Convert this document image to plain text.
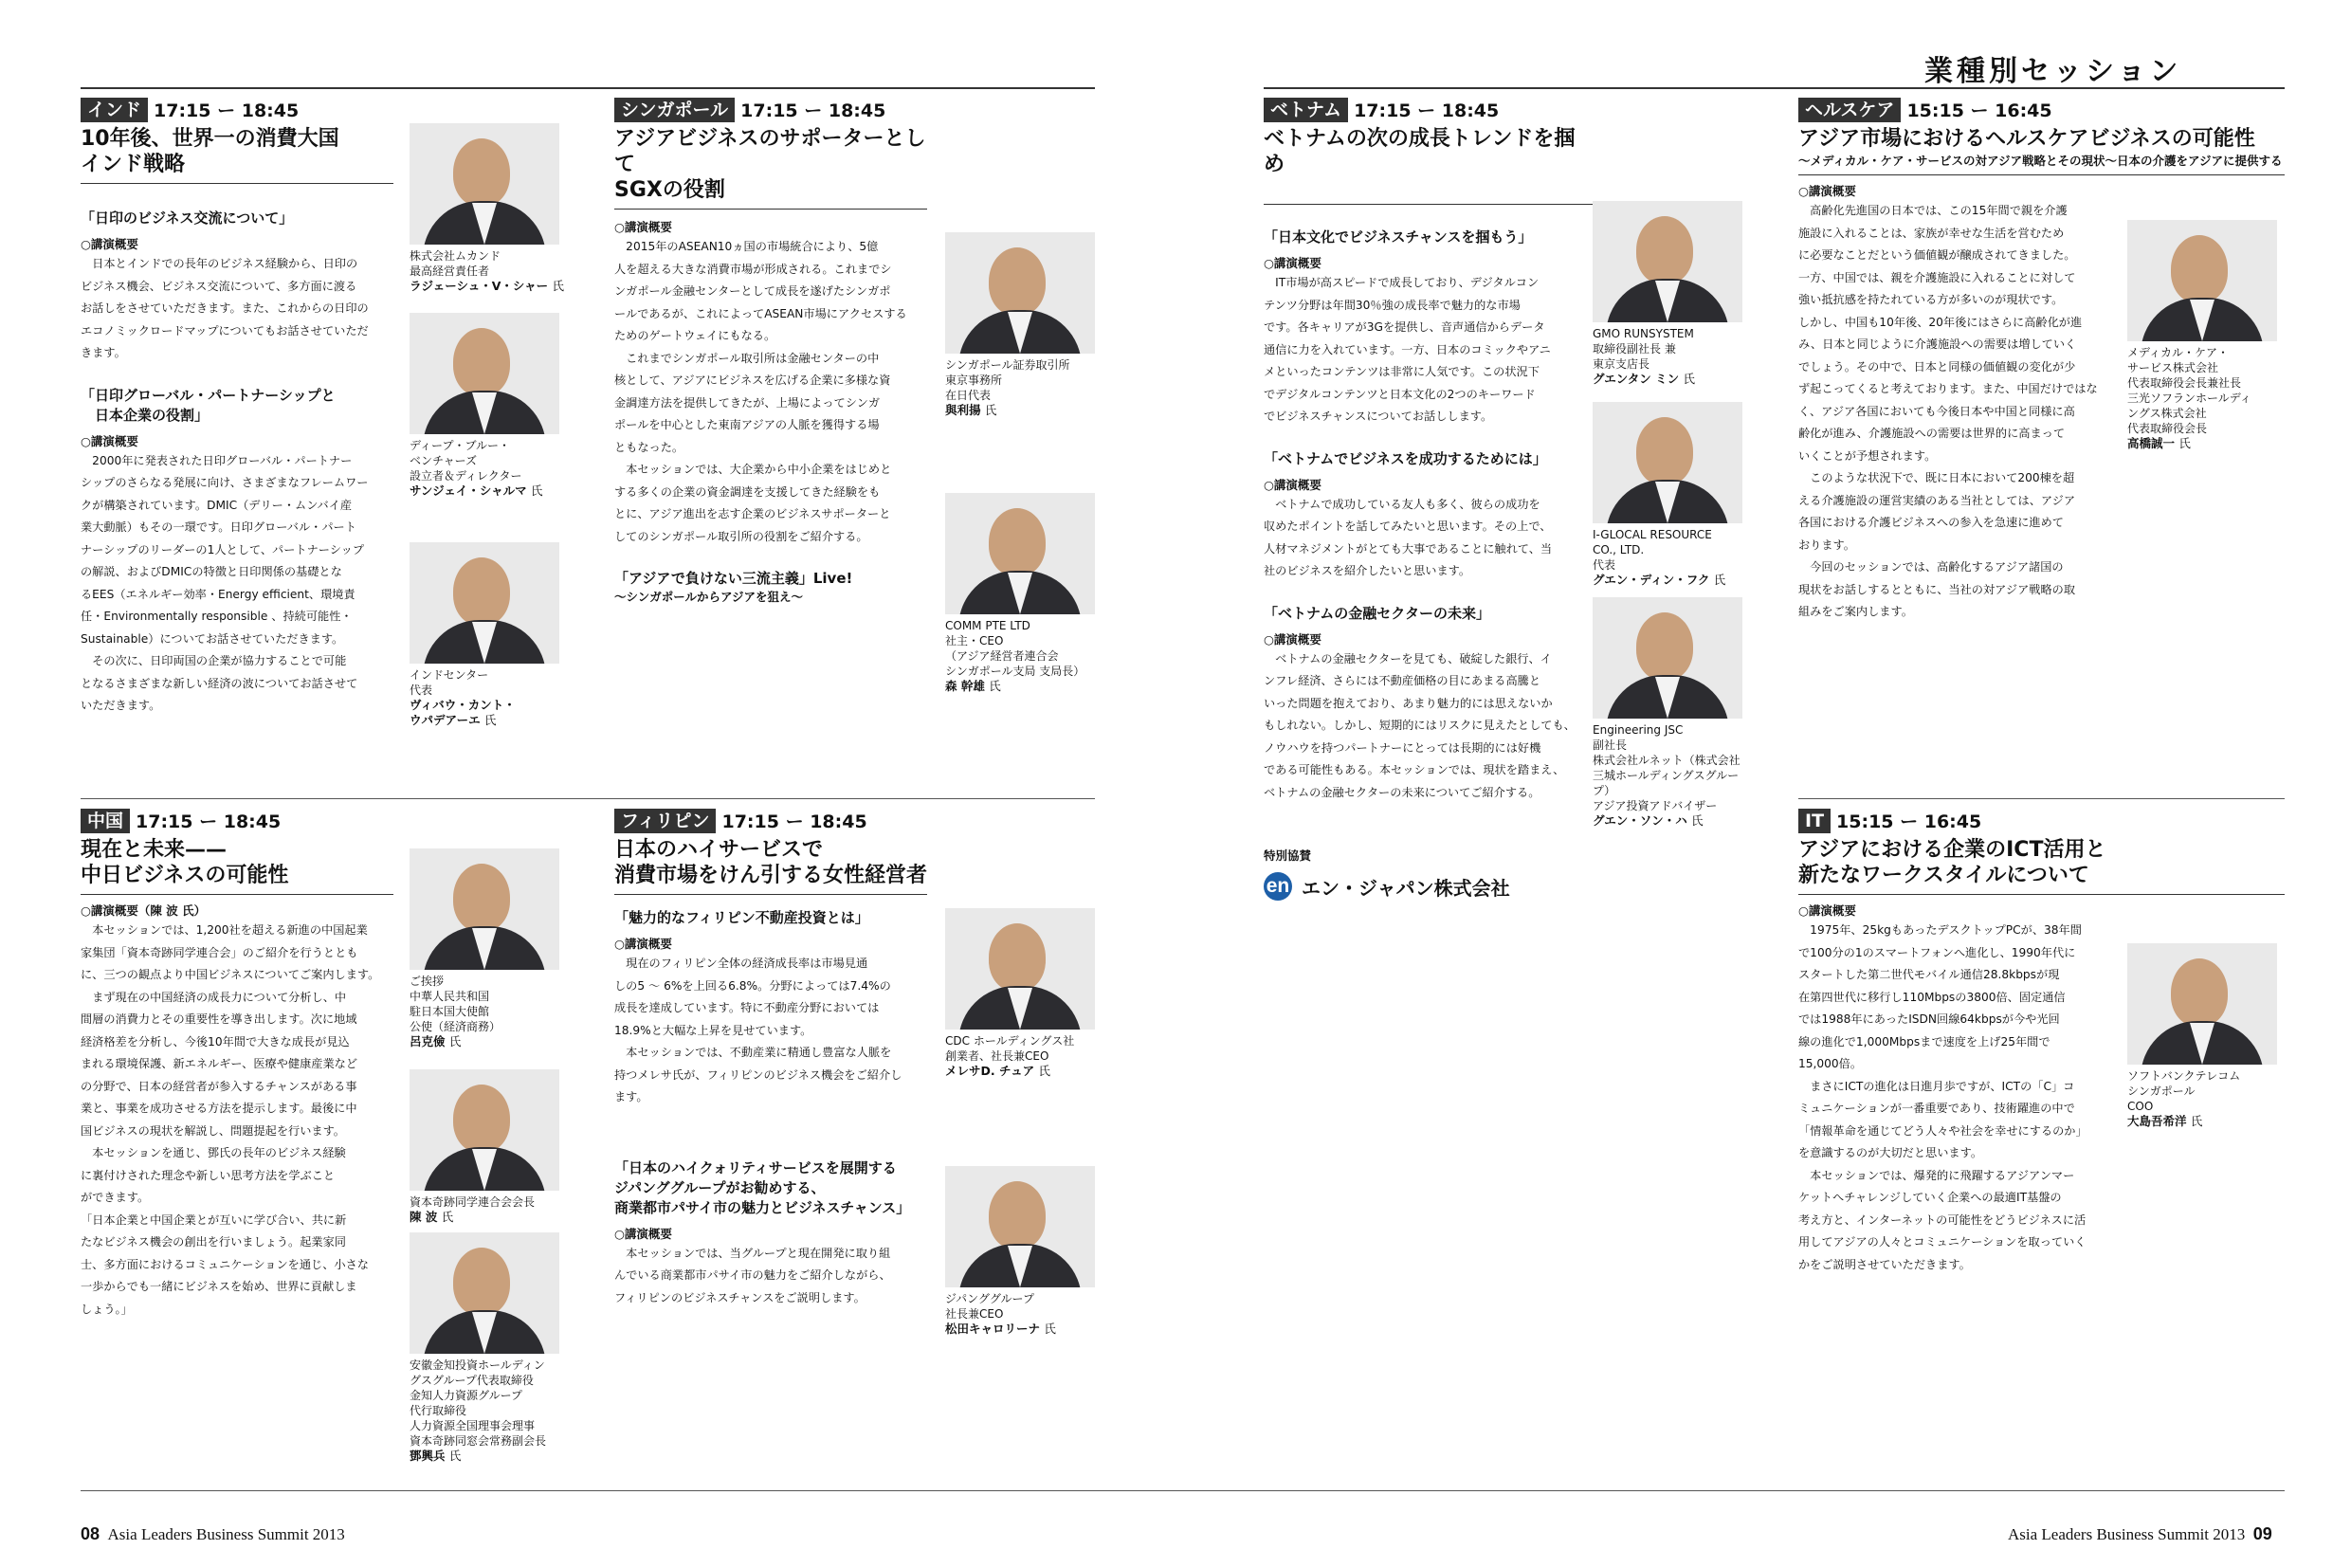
業種別セッション
インド 17:15 ー 18:45
10年後、世界一の消費大国
インド戦略
「日印のビジネス交流について」
○講演概要

　日本とインドでの長年のビジネス経験から、日印の
ビジネス機会、ビジネス交流について、多方面に渡る
お話しをさせていただきます。また、これからの日印の
エコノミックロードマップについてもお話させていただ
きます。

「日印グローバル・パートナーシップと
　日本企業の役割」
○講演概要

　2000年に発表された日印グローバル・パートナー
シップのさらなる発展に向け、さまざまなフレームワー
クが構築されています。DMIC（デリー・ムンバイ産
業大動脈）もその一環です。日印グローバル・パート
ナーシップのリーダーの1人として、パートナーシップ
の解説、およびDMICの特徴と日印関係の基礎とな
るEES（エネルギー効率・Energy efficient、環境責
任・Environmentally responsible 、持続可能性・
Sustainable）についてお話させていただきます。
　その次に、日印両国の企業が協力することで可能
となるさまざまな新しい経済の波についてお話させて
いただきます。

株式会社ムカンド
最高経営責任者
ラジェーシュ・V・シャー 氏
ディープ・ブルー・
ベンチャーズ
設立者＆ディレクター
サンジェイ・シャルマ 氏
インドセンター
代表
ヴィバウ・カント・
ウパデアーエ 氏
シンガポール 17:15 ー 18:45
アジアビジネスのサポーターとして
SGXの役割
○講演概要

　2015年のASEAN10ヵ国の市場統合により、5億
人を超える大きな消費市場が形成される。これまでシ
ンガポール金融センターとして成長を遂げたシンガポ
ールであるが、これによってASEAN市場にアクセスする
ためのゲートウェイにもなる。
　これまでシンガポール取引所は金融センターの中
核として、アジアにビジネスを広げる企業に多様な資
金調達方法を提供してきたが、上場によってシンガ
ポールを中心とした東南アジアの人脈を獲得する場
ともなった。
　本セッションでは、大企業から中小企業をはじめと
する多くの企業の資金調達を支援してきた経験をも
とに、アジア進出を志す企業のビジネスサポーターと
してのシンガポール取引所の役割をご紹介する。

「アジアで負けない三流主義」Live!
〜シンガポールからアジアを狙え〜
シンガポール証券取引所
東京事務所
在日代表
與利揚 氏
COMM PTE LTD
社主・CEO
（アジア経営者連合会
シンガポール支局 支局長）
森 幹雄 氏
ベトナム 17:15 ー 18:45
ベトナムの次の成長トレンドを掴め
「日本文化でビジネスチャンスを掴もう」
○講演概要

　IT市場が高スピードで成長しており、デジタルコン
テンツ分野は年間30％強の成長率で魅力的な市場
です。各キャリアが3Gを提供し、音声通信からデータ
通信に力を入れています。一方、日本のコミックやアニ
メといったコンテンツは非常に人気です。この状況下
でデジタルコンテンツと日本文化の2つのキーワード
でビジネスチャンスについてお話しします。

「ベトナムでビジネスを成功するためには」
○講演概要

　ベトナムで成功している友人も多く、彼らの成功を
収めたポイントを話してみたいと思います。その上で、
人材マネジメントがとても大事であることに触れて、当
社のビジネスを紹介したいと思います。

「ベトナムの金融セクターの未来」
○講演概要

　ベトナムの金融セクターを見ても、破綻した銀行、イ
ンフレ経済、さらには不動産価格の目にあまる高騰と
いった問題を抱えており、あまり魅力的には思えないか
もしれない。しかし、短期的にはリスクに見えたとしても、
ノウハウを持つパートナーにとっては長期的には好機
である可能性もある。本セッションでは、現状を踏まえ、
ベトナムの金融セクターの未来についてご紹介する。

GMO RUNSYSTEM
取締役副社長 兼
東京支店長
グエンタン ミン 氏
I-GLOCAL RESOURCE
CO., LTD.
代表
グエン・ディン・フク 氏
Engineering JSC
副社長
株式会社ルネット（株式会社
三城ホールディングスグループ）
アジア投資アドバイザー
グエン・ソン・ハ 氏
特別協賛
en エン・ジャパン株式会社
ヘルスケア 15:15 ー 16:45
アジア市場におけるヘルスケアビジネスの可能性
〜メディカル・ケア・サービスの対アジア戦略とその現状〜日本の介護をアジアに提供する
○講演概要

　高齢化先進国の日本では、この15年間で親を介護
施設に入れることは、家族が幸せな生活を営むため
に必要なことだという価値観が醸成されてきました。
一方、中国では、親を介護施設に入れることに対して
強い抵抗感を持たれている方が多いのが現状です。
しかし、中国も10年後、20年後にはさらに高齢化が進
み、日本と同じように介護施設への需要は増していく
でしょう。その中で、日本と同様の価値観の変化が少
ず起こってくると考えております。また、中国だけではな
く、アジア各国においても今後日本や中国と同様に高
齢化が進み、介護施設への需要は世界的に高まって
いくことが予想されます。
　このような状況下で、既に日本において200棟を超
える介護施設の運営実績のある当社としては、アジア
各国における介護ビジネスへの参入を急速に進めて
おります。
　今回のセッションでは、高齢化するアジア諸国の
現状をお話しするとともに、当社の対アジア戦略の取
組みをご案内します。

メディカル・ケア・
サービス株式会社
代表取締役会長兼社長
三光ソフランホールディ
ングス株式会社
代表取締役会長
高橋誠一 氏
中国 17:15 ー 18:45
現在と未来——
中日ビジネスの可能性
○講演概要（陳 波 氏）

　本セッションでは、1,200社を超える新進の中国起業
家集団「資本奇跡同学連合会」のご紹介を行うととも
に、三つの観点より中国ビジネスについてご案内します。
　まず現在の中国経済の成長力について分析し、中
間層の消費力とその重要性を導き出します。次に地域
経済格差を分析し、今後10年間で大きな成長が見込
まれる環境保護、新エネルギー、医療や健康産業など
の分野で、日本の経営者が参入するチャンスがある事
業と、事業を成功させる方法を提示します。最後に中
国ビジネスの現状を解説し、問題提起を行います。
　本セッションを通じ、鄧氏の長年のビジネス経験
に裏付けされた理念や新しい思考方法を学ぶこと
ができます。
「日本企業と中国企業とが互いに学び合い、共に新
たなビジネス機会の創出を行いましょう。起業家同
士、多方面におけるコミュニケーションを通じ、小さな
一歩からでも一緒にビジネスを始め、世界に貢献しま
しょう。」

ご挨拶
中華人民共和国
駐日本国大使館
公使（経済商務）
呂克儉 氏
資本奇跡同学連合会会長
陳 波 氏
安徽金知投資ホールディン
グスグループ代表取締役
金知人力資源グループ
代行取締役
人力資源全国理事会理事
資本奇跡同窓会常務副会長
鄧興兵 氏
フィリピン 17:15 ー 18:45
日本のハイサービスで
消費市場をけん引する女性経営者
「魅力的なフィリピン不動産投資とは」
○講演概要

　現在のフィリピン全体の経済成長率は市場見通
しの5 〜 6%を上回る6.8%。分野によっては7.4%の
成長を達成しています。特に不動産分野においては
18.9%と大幅な上昇を見せています。
　本セッションでは、不動産業に精通し豊富な人脈を
持つメレサ氏が、フィリピンのビジネス機会をご紹介し
ます。

「日本のハイクォリティサービスを展開する
ジパンググループがお勧めする、
商業都市パサイ市の魅力とビジネスチャンス」
○講演概要

　本セッションでは、当グループと現在開発に取り組
んでいる商業都市パサイ市の魅力をご紹介しながら、
フィリピンのビジネスチャンスをご説明します。

CDC ホールディングス社
創業者、社長兼CEO
メレサD. チュア 氏
ジパンググループ
社長兼CEO
松田キャロリーナ 氏
IT 15:15 ー 16:45
アジアにおける企業のICT活用と
新たなワークスタイルについて
○講演概要

　1975年、25kgもあったデスクトップPCが、38年間
で100分の1のスマートフォンへ進化し、1990年代に
スタートした第二世代モバイル通信28.8kbpsが現
在第四世代に移行し110Mbpsの3800倍、固定通信
では1988年にあったISDN回線64kbpsが今や光回
線の進化で1,000Mbpsまで速度を上げ25年間で
15,000倍。
　まさにICTの進化は日進月歩ですが、ICTの「C」コ
ミュニケーションが一番重要であり、技術躍進の中で
「情報革命を通じてどう人々や社会を幸せにするのか」
を意識するのが大切だと思います。
　本セッションでは、爆発的に飛躍するアジアンマー
ケットへチャレンジしていく企業への最適IT基盤の
考え方と、インターネットの可能性をどうビジネスに活
用してアジアの人々とコミュニケーションを取っていく
かをご説明させていただきます。

ソフトバンクテレコム
シンガポール
COO
大島吾希洋 氏
08 Asia Leaders Business Summit 2013	Asia Leaders Business Summit 2013 09
